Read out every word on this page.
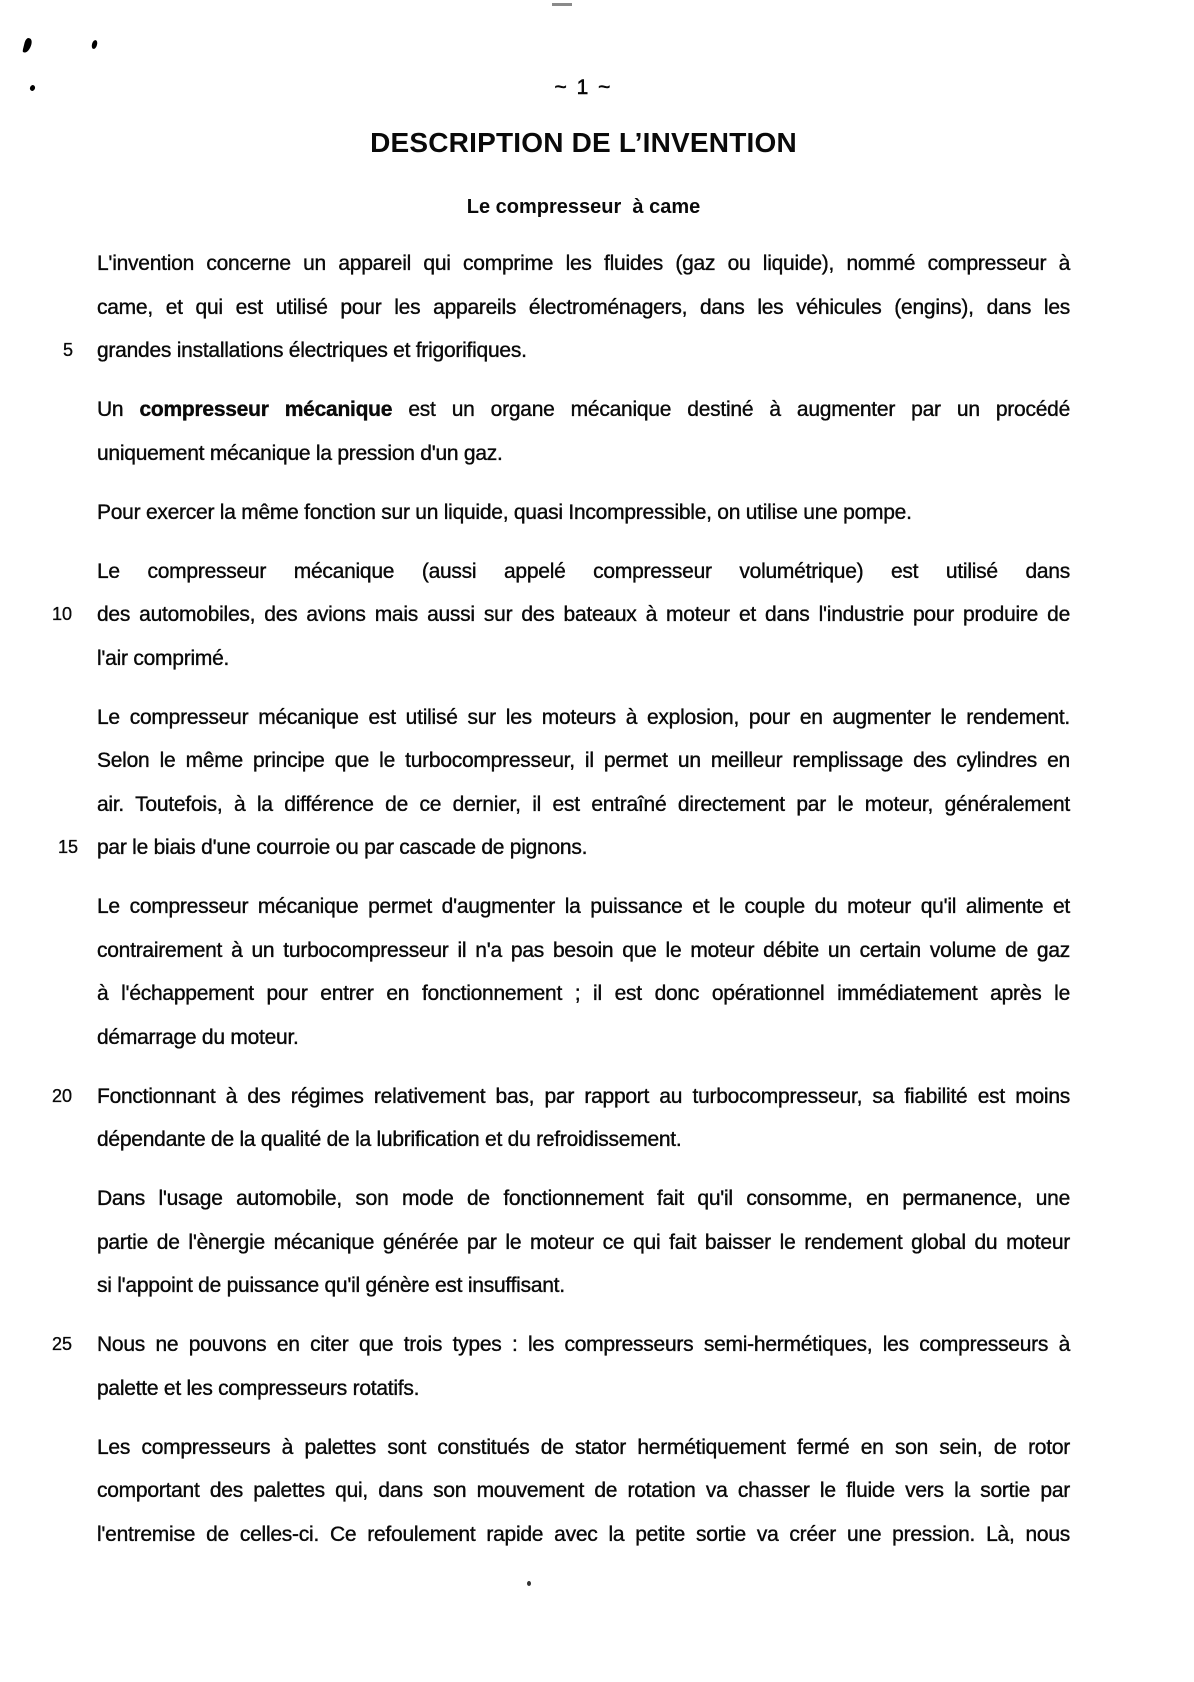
~ 1 ~
DESCRIPTION DE L’INVENTION
Le compresseur  à came

L'invention concerne un appareil qui comprime les fluides (gaz ou liquide), nommé compresseur à
came, et qui est utilisé pour les appareils électroménagers, dans les véhicules (engins), dans les
5	grandes installations électriques et frigorifiques.

Un compresseur mécanique est un organe mécanique destiné à augmenter par un procédé
uniquement mécanique la pression d'un gaz.

Pour exercer la même fonction sur un liquide, quasi Incompressible, on utilise une pompe.

Le compresseur mécanique (aussi appelé compresseur volumétrique) est utilisé dans
10	des automobiles, des avions mais aussi sur des bateaux à moteur et dans l'industrie pour produire de
l'air comprimé.

Le compresseur mécanique est utilisé sur les moteurs à explosion, pour en augmenter le rendement.
Selon le même principe que le turbocompresseur, il permet un meilleur remplissage des cylindres en
air. Toutefois, à la différence de ce dernier, il est entraîné directement par le moteur, généralement
15 par le biais d'une courroie ou par cascade de pignons.

Le compresseur mécanique permet d'augmenter la puissance et le couple du moteur qu'il alimente et
contrairement à un turbocompresseur il n'a pas besoin que le moteur débite un certain volume de gaz
à l'échappement pour entrer en fonctionnement ; il est donc opérationnel immédiatement après le
démarrage du moteur.

20	Fonctionnant à des régimes relativement bas, par rapport au turbocompresseur, sa fiabilité est moins
dépendante de la qualité de la lubrification et du refroidissement.

Dans l'usage automobile, son mode de fonctionnement fait qu'il consomme, en permanence, une
partie de l'ènergie mécanique générée par le moteur ce qui fait baisser le rendement global du moteur
si l'appoint de puissance qu'il génère est insuffisant.

25	Nous ne pouvons en citer que trois types : les compresseurs semi-hermétiques, les compresseurs à
palette et les compresseurs rotatifs.

Les compresseurs à palettes sont constitués de stator hermétiquement fermé en son sein, de rotor
comportant des palettes qui, dans son mouvement de rotation va chasser le fluide vers la sortie par
l'entremise de celles-ci. Ce refoulement rapide avec la petite sortie va créer une pression. Là, nous
